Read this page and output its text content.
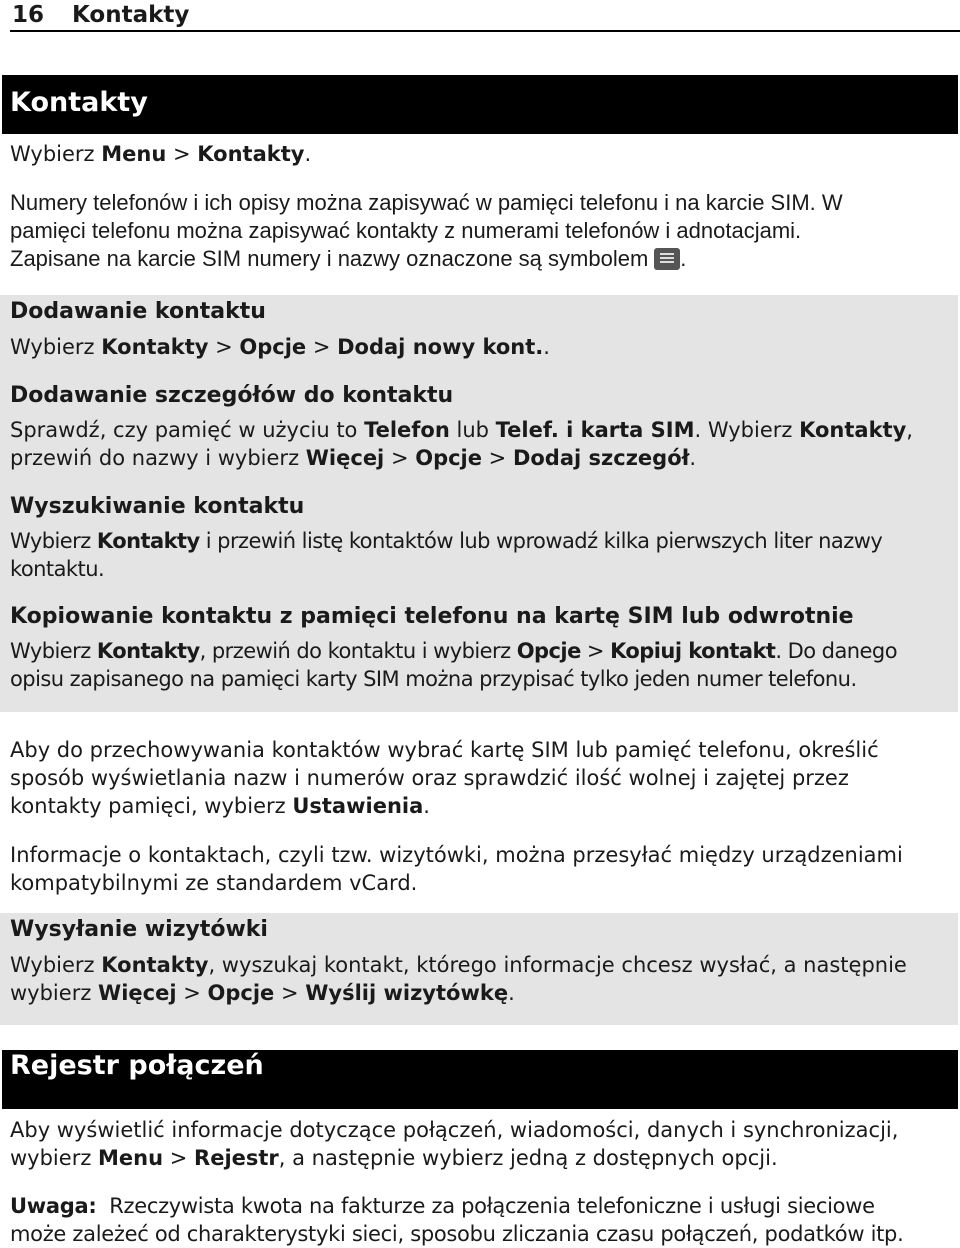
16 Kontakty
Kontakty

Wybierz Menu > Kontakty.

Numery telefonów i ich opisy można zapisywać w pamięci telefonu i na karcie SIM. W
pamięci telefonu można zapisywać kontakty z numerami telefonów i adnotacjami.
Zapisane na karcie SIM numery i nazwy oznaczone są symbolem .

Dodawanie kontaktu

Wybierz Kontakty > Opcje > Dodaj nowy kont..

Dodawanie szczegółów do kontaktu

Sprawdź, czy pamięć w użyciu to Telefon lub Telef. i karta SIM. Wybierz Kontakty,
przewiń do nazwy i wybierz Więcej > Opcje > Dodaj szczegół.

Wyszukiwanie kontaktu

Wybierz Kontakty i przewiń listę kontaktów lub wprowadź kilka pierwszych liter nazwy
kontaktu.

Kopiowanie kontaktu z pamięci telefonu na kartę SIM lub odwrotnie

Wybierz Kontakty, przewiń do kontaktu i wybierz Opcje > Kopiuj kontakt. Do danego
opisu zapisanego na pamięci karty SIM można przypisać tylko jeden numer telefonu.

Aby do przechowywania kontaktów wybrać kartę SIM lub pamięć telefonu, określić
sposób wyświetlania nazw i numerów oraz sprawdzić ilość wolnej i zajętej przez
kontakty pamięci, wybierz Ustawienia.

Informacje o kontaktach, czyli tzw. wizytówki, można przesyłać między urządzeniami
kompatybilnymi ze standardem vCard.

Wysyłanie wizytówki

Wybierz Kontakty, wyszukaj kontakt, którego informacje chcesz wysłać, a następnie
wybierz Więcej > Opcje > Wyślij wizytówkę.

Rejestr połączeń

Aby wyświetlić informacje dotyczące połączeń, wiadomości, danych i synchronizacji,
wybierz Menu > Rejestr, a następnie wybierz jedną z dostępnych opcji.

Uwaga:  Rzeczywista kwota na fakturze za połączenia telefoniczne i usługi sieciowe
może zależeć od charakterystyki sieci, sposobu zliczania czasu połączeń, podatków itp.
